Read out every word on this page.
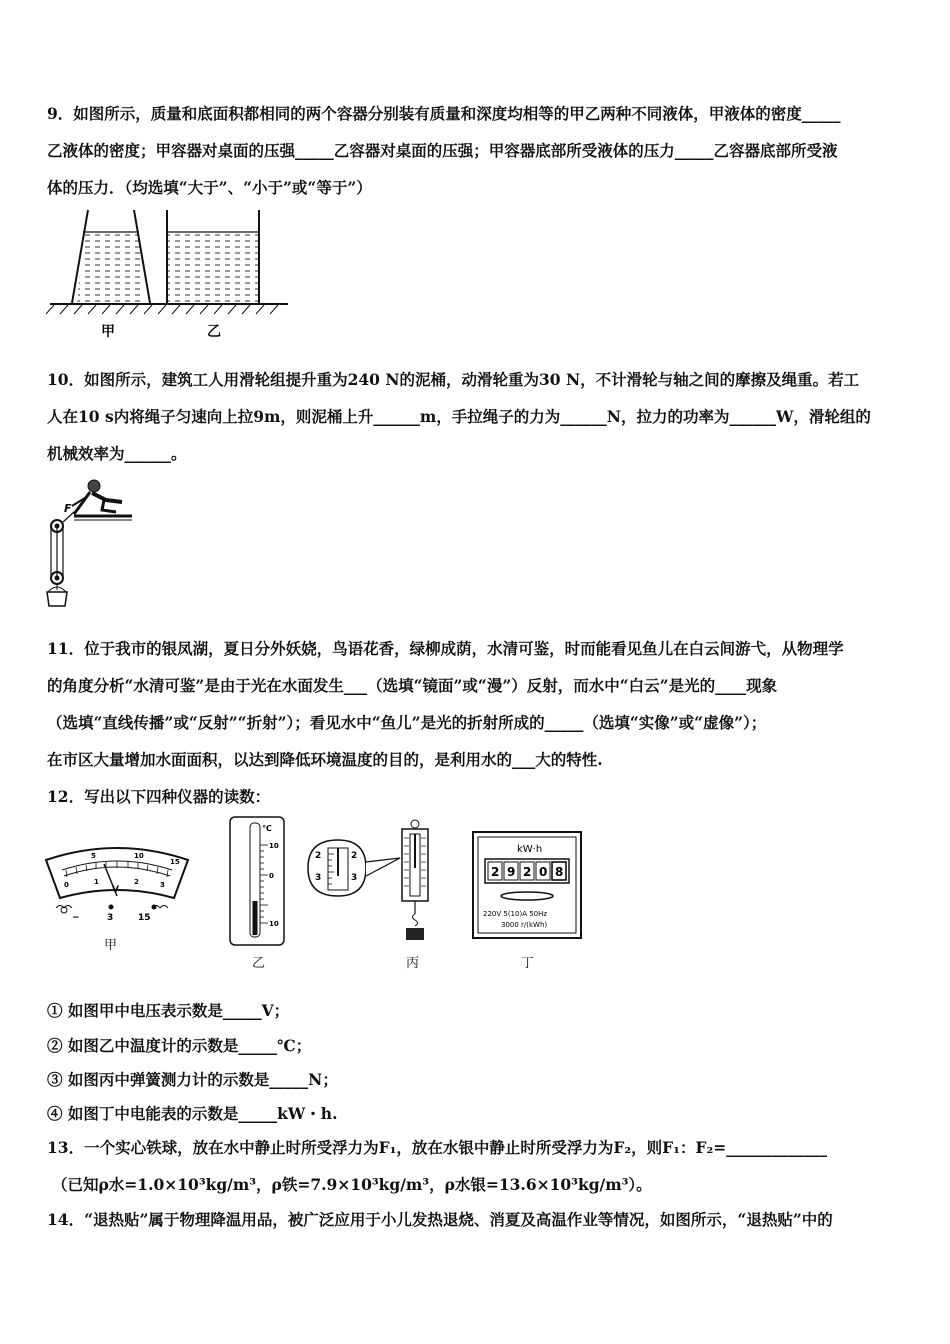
9．如图所示，质量和底面积都相同的两个容器分别装有质量和深度均相等的甲乙两种不同液体，甲液体的密度_____
乙液体的密度；甲容器对桌面的压强_____乙容器对桌面的压强；甲容器底部所受液体的压力_____乙容器底部所受液
体的压力．（均选填“大于”、“小于”或“等于”）
甲	乙
10．如图所示，建筑工人用滑轮组提升重为240 N的泥桶，动滑轮重为30 N，不计滑轮与轴之间的摩擦及绳重。若工
人在10 s内将绳子匀速向上拉9m，则泥桶上升______m，手拉绳子的力为______N，拉力的功率为______W，滑轮组的
机械效率为______。
F
11．位于我市的银凤湖，夏日分外妖娆，鸟语花香，绿柳成荫，水清可鉴，时而能看见鱼儿在白云间游弋，从物理学
的角度分析“水清可鉴”是由于光在水面发生___（选填“镜面”或“漫”）反射，而水中“白云”是光的____现象
（选填“直线传播”或“反射”“折射”）；看见水中“鱼儿”是光的折射所成的_____（选填“实像”或“虚像”）；
在市区大量增加水面面积，以达到降低环境温度的目的，是利用水的___大的特性.
12．写出以下四种仪器的读数：
5	10
15
1	2	3
0	V
−	3	15
甲
℃
10
0
10
乙
2
3
2
3
丙
kW·h
2 9 2 0 8
220V 5(10)A 50Hz
3000 r/(kWh)
丁
① 如图甲中电压表示数是_____V；
② 如图乙中温度计的示数是_____℃；
③ 如图丙中弹簧测力计的示数是_____N；
④ 如图丁中电能表的示数是_____kW・h.
13．一个实心铁球，放在水中静止时所受浮力为F₁，放在水银中静止时所受浮力为F₂，则F₁：F₂=_____________
（已知ρ水=1.0×10³kg/m³，ρ铁=7.9×10³kg/m³，ρ水银=13.6×10³kg/m³）。
14．“退热贴”属于物理降温用品，被广泛应用于小儿发热退烧、消夏及高温作业等情况，如图所示，“退热贴”中的
